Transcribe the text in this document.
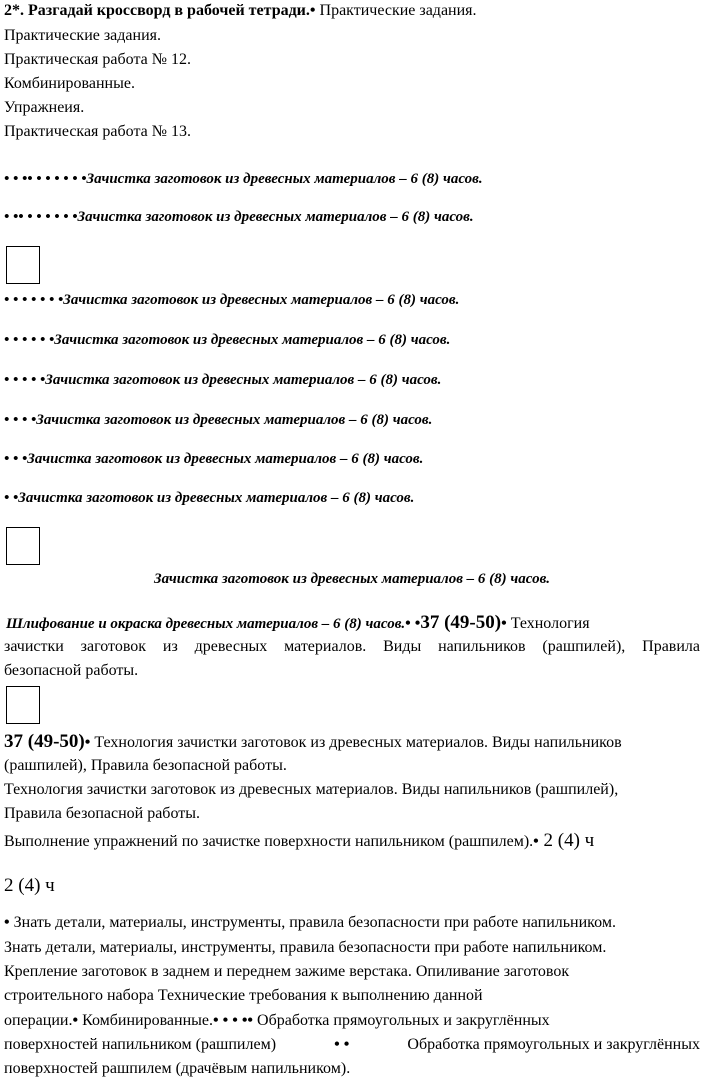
2*. Разгадай кроссворд в рабочей тетради.• Практические задания.
Практические задания.
Практическая работа № 12.
Комбинированные.
Упражнеия.
Практическая работа № 13.
• • •• • • • • • •Зачистка заготовок из древесных материалов – 6 (8) часов.
• •• • • • • • •Зачистка заготовок из древесных материалов – 6 (8) часов.
• • • • • • •Зачистка заготовок из древесных материалов – 6 (8) часов.
• • • • • •Зачистка заготовок из древесных материалов – 6 (8) часов.
• • • • •Зачистка заготовок из древесных материалов – 6 (8) часов.
• • • •Зачистка заготовок из древесных материалов – 6 (8) часов.
• • •Зачистка заготовок из древесных материалов – 6 (8) часов.
• •Зачистка заготовок из древесных материалов – 6 (8) часов.
Зачистка заготовок из древесных материалов – 6 (8) часов.
Шлифование и окраска древесных материалов – 6 (8) часов.• •37 (49-50)• Технология
зачистки заготовок из древесных материалов. Виды напильников (рашпилей), Правила
безопасной работы.
37 (49-50)• Технология зачистки заготовок из древесных материалов. Виды напильников
(рашпилей), Правила безопасной работы.
Технология зачистки заготовок из древесных материалов. Виды напильников (рашпилей),
Правила безопасной работы.
Выполнение упражнений по зачистке поверхности напильником (рашпилем).• 2 (4) ч
2 (4) ч
• Знать детали, материалы, инструменты, правила безопасности при работе напильником.
Знать детали, материалы, инструменты, правила безопасности при работе напильником.
Крепление заготовок в заднем и переднем зажиме верстака. Опиливание заготовок
строительного набора Технические требования к выполнению данной
операции.• Комбинированные.• • • •• Обработка прямоугольных и закруглённых
поверхностей напильником (рашпилем)	• •	Обработка прямоугольных и закруглённых
поверхностей рашпилем (драчёвым напильником).
